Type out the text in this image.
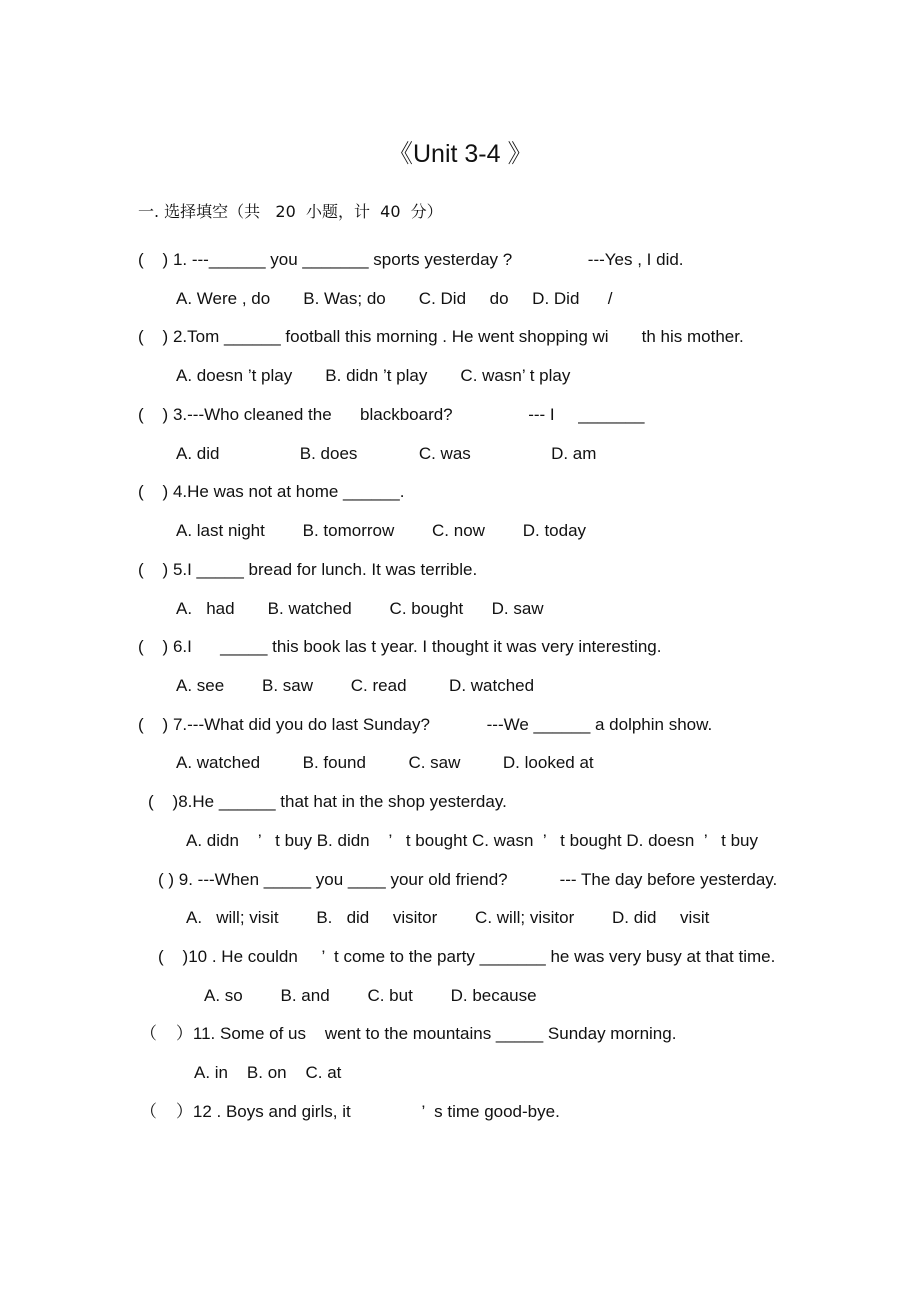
《Unit 3-4 》
一. 选择填空（共   20  小题，计  40  分）
(    ) 1. ---______ you _______ sports yesterday ?                ---Yes , I did.
A. Were , do       B. Was; do       C. Did     do     D. Did      /
(    ) 2.Tom ______ football this morning . He went shopping wi       th his mother.
A. doesn ’t play       B. didn ’t play       C. wasn’ t play
(    ) 3.---Who cleaned the      blackboard?                --- I     _______
A. did                 B. does             C. was                 D. am
(    ) 4.He was not at home ______.
A. last night        B. tomorrow        C. now        D. today
(    ) 5.I _____ bread for lunch. It was terrible.
A.   had       B. watched        C. bought      D. saw
(    ) 6.I      _____ this book las t year. I thought it was very interesting.
A. see        B. saw        C. read         D. watched
(    ) 7.---What did you do last Sunday?            ---We ______ a dolphin show.
A. watched         B. found         C. saw         D. looked at
(    )8.He ______ that hat in the shop yesterday.
A. didn    ’   t buy B. didn    ’   t bought C. wasn  ’   t bought D. doesn  ’   t buy
( ) 9. ---When _____ you ____ your old friend?           --- The day before yesterday.
A.   will; visit        B.   did     visitor        C. will; visitor        D. did     visit
(    )10 . He couldn     ’  t come to the party _______ he was very busy at that time.
A. so        B. and        C. but        D. because
（    ）11. Some of us    went to the mountains _____ Sunday morning.
A. in    B. on    C. at
（    ）12 . Boys and girls, it               ’  s time good-bye.
